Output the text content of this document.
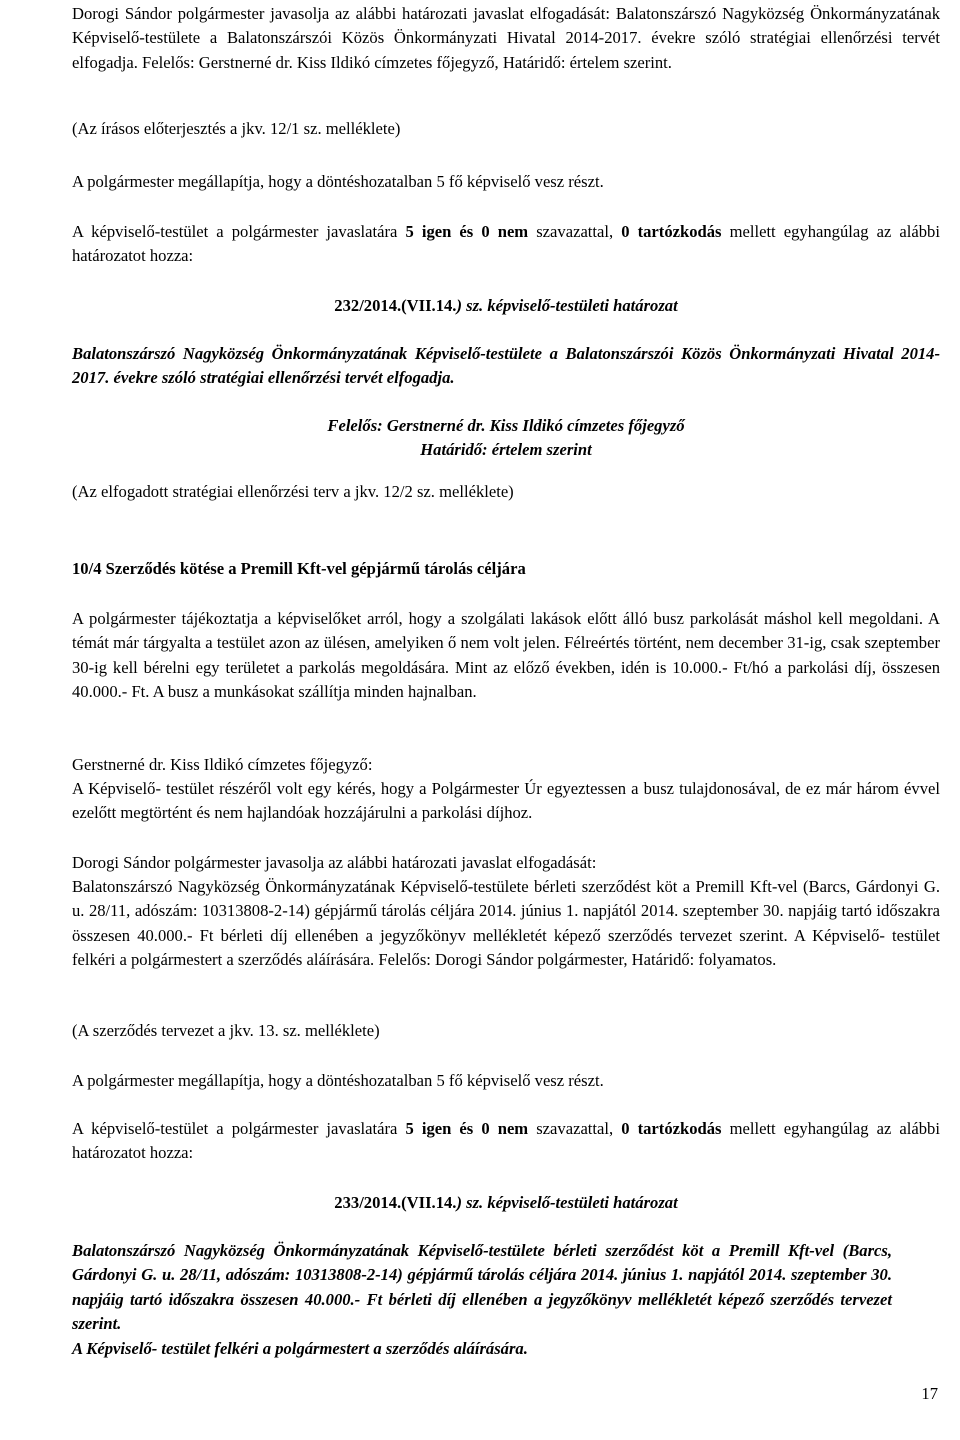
Dorogi Sándor polgármester javasolja az alábbi határozati javaslat elfogadását: Balatonszárszó Nagyközség Önkormányzatának Képviselő-testülete a Balatonszárszói Közös Önkormányzati Hivatal 2014-2017. évekre szóló stratégiai ellenőrzési tervét elfogadja. Felelős: Gerstnerné dr. Kiss Ildikó címzetes főjegyző, Határidő: értelem szerint.

(Az írásos előterjesztés a jkv. 12/1 sz. melléklete)

A polgármester megállapítja, hogy a döntéshozatalban 5 fő képviselő vesz részt.

A képviselő-testület a polgármester javaslatára 5 igen és 0 nem szavazattal, 0 tartózkodás mellett egyhangúlag az alábbi határozatot hozza:

232/2014.(VII.14.) sz. képviselő-testületi határozat

Balatonszárszó Nagyközség Önkormányzatának Képviselő-testülete a Balatonszárszói Közös Önkormányzati Hivatal 2014-2017. évekre szóló stratégiai ellenőrzési tervét elfogadja.

Felelős: Gerstnerné dr. Kiss Ildikó címzetes főjegyző

Határidő: értelem szerint

(Az elfogadott stratégiai ellenőrzési terv a jkv. 12/2 sz. melléklete)

10/4 Szerződés kötése a Premill Kft-vel gépjármű tárolás céljára

A polgármester tájékoztatja a képviselőket arról, hogy a szolgálati lakások előtt álló busz parkolását máshol kell megoldani. A témát már tárgyalta a testület azon az ülésen, amelyiken ő nem volt jelen. Félreértés történt, nem december 31-ig, csak szeptember 30-ig kell bérelni egy területet a parkolás megoldására. Mint az előző években, idén is 10.000.- Ft/hó a parkolási díj, összesen 40.000.- Ft. A busz a munkásokat szállítja minden hajnalban.

Gerstnerné dr. Kiss Ildikó címzetes főjegyző:

A Képviselő- testület részéről volt egy kérés, hogy a Polgármester Úr egyeztessen a busz tulajdonosával, de ez már három évvel ezelőtt megtörtént és nem hajlandóak hozzájárulni a parkolási díjhoz.

Dorogi Sándor polgármester javasolja az alábbi határozati javaslat elfogadását:

Balatonszárszó Nagyközség Önkormányzatának Képviselő-testülete bérleti szerződést köt a Premill Kft-vel (Barcs, Gárdonyi G. u. 28/11, adószám: 10313808-2-14) gépjármű tárolás céljára 2014. június 1. napjától 2014. szeptember 30. napjáig tartó időszakra összesen 40.000.- Ft bérleti díj ellenében a jegyzőkönyv mellékletét képező szerződés tervezet szerint. A Képviselő- testület felkéri a polgármestert a szerződés aláírására. Felelős: Dorogi Sándor polgármester, Határidő: folyamatos.

(A szerződés tervezet a jkv. 13. sz. melléklete)

A polgármester megállapítja, hogy a döntéshozatalban 5 fő képviselő vesz részt.

A képviselő-testület a polgármester javaslatára 5 igen és 0 nem szavazattal, 0 tartózkodás mellett egyhangúlag az alábbi határozatot hozza:

233/2014.(VII.14.) sz. képviselő-testületi határozat

Balatonszárszó Nagyközség Önkormányzatának Képviselő-testülete bérleti szerződést köt a Premill Kft-vel (Barcs, Gárdonyi G. u. 28/11, adószám: 10313808-2-14) gépjármű tárolás céljára 2014. június 1. napjától 2014. szeptember 30. napjáig tartó időszakra összesen 40.000.- Ft bérleti díj ellenében a jegyzőkönyv mellékletét képező szerződés tervezet szerint.

A Képviselő- testület felkéri a polgármestert a szerződés aláírására.

17
